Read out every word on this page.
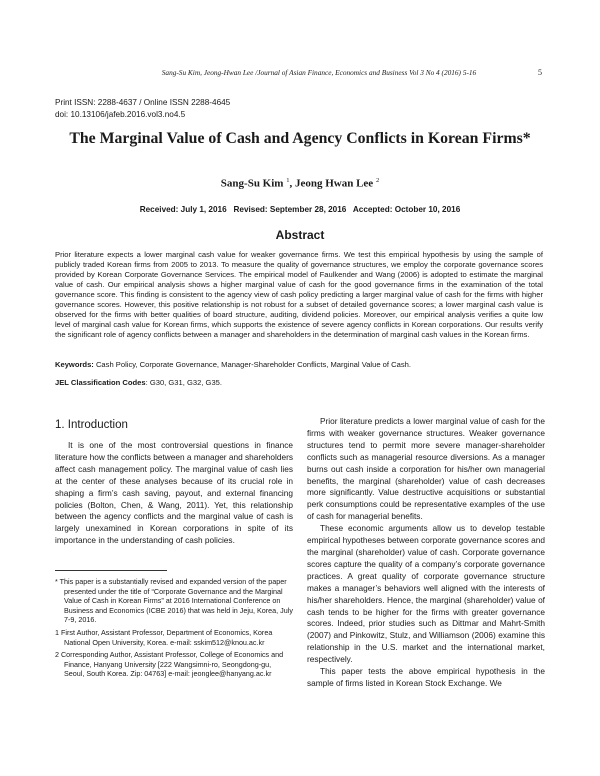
Sang-Su Kim, Jeong-Hwan Lee /Journal of Asian Finance, Economics and Business Vol 3 No 4 (2016) 5-16	5
Print ISSN: 2288-4637 / Online ISSN 2288-4645
doi: 10.13106/jafeb.2016.vol3.no4.5
The Marginal Value of Cash and Agency Conflicts in Korean Firms*
Sang-Su Kim $^1$, Jeong Hwan Lee $^2$
Received: July 1, 2016   Revised: September 28, 2016   Accepted: October 10, 2016
Abstract
Prior literature expects a lower marginal cash value for weaker governance firms. We test this empirical hypothesis by using the sample of publicly traded Korean firms from 2005 to 2013. To measure the quality of governance structures, we employ the corporate governance scores provided by Korean Corporate Governance Services. The empirical model of Faulkender and Wang (2006) is adopted to estimate the marginal value of cash. Our empirical analysis shows a higher marginal value of cash for the good governance firms in the examination of the total governance score. This finding is consistent to the agency view of cash policy predicting a larger marginal value of cash for the firms with higher governance scores. However, this positive relationship is not robust for a subset of detailed governance scores; a lower marginal cash value is observed for the firms with better qualities of board structure, auditing, dividend policies. Moreover, our empirical analysis verifies a quite low level of marginal cash value for Korean firms, which supports the existence of severe agency conflicts in Korean corporations. Our results verify the significant role of agency conflicts between a manager and shareholders in the determination of marginal cash values in the Korean firms.
Keywords: Cash Policy, Corporate Governance, Manager-Shareholder Conflicts, Marginal Value of Cash.
JEL Classification Codes: G30, G31, G32, G35.
1. Introduction

It is one of the most controversial questions in finance literature how the conflicts between a manager and shareholders affect cash management policy. The marginal value of cash lies at the center of these analyses because of its crucial role in shaping a firm’s cash saving, payout, and external financing policies (Bolton, Chen, & Wang, 2011). Yet, this relationship between the agency conflicts and the marginal value of cash is largely unexamined in Korean corporations in spite of its importance in the understanding of cash policies.

Prior literature predicts a lower marginal value of cash for the firms with weaker governance structures. Weaker governance structures tend to permit more severe manager-shareholder conflicts such as managerial resource diversions. As a manager burns out cash inside a corporation for his/her own managerial benefits, the marginal (shareholder) value of cash decreases more significantly. Value destructive acquisitions or substantial perk consumptions could be representative examples of the use of cash for managerial benefits.

These economic arguments allow us to develop testable empirical hypotheses between corporate governance scores and the marginal (shareholder) value of cash. Corporate governance scores capture the quality of a company’s corporate governance practices. A great quality of corporate governance structure makes a manager’s behaviors well aligned with the interests of his/her shareholders. Hence, the marginal (shareholder) value of cash tends to be higher for the firms with greater governance scores. Indeed, prior studies such as Dittmar and Mahrt-Smith (2007) and Pinkowitz, Stulz, and Williamson (2006) examine this relationship in the U.S. market and the international market, respectively.

This paper tests the above empirical hypothesis in the sample of firms listed in Korean Stock Exchange. We

* This paper is a substantially revised and expanded version of the paper presented under the title of “Corporate Governance and the Marginal Value of Cash in Korean Firms” at 2016 International Conference on Business and Economics (ICBE 2016) that was held in Jeju, Korea, July 7-9, 2016.

1 First Author, Assistant Professor, Department of Economics, Korea National Open University, Korea. e-mail: sskim512@knou.ac.kr

2 Corresponding Author, Assistant Professor, College of Economics and Finance, Hanyang University [222 Wangsimni-ro, Seongdong-gu, Seoul, South Korea. Zip: 04763] e-mail: jeonglee@hanyang.ac.kr
